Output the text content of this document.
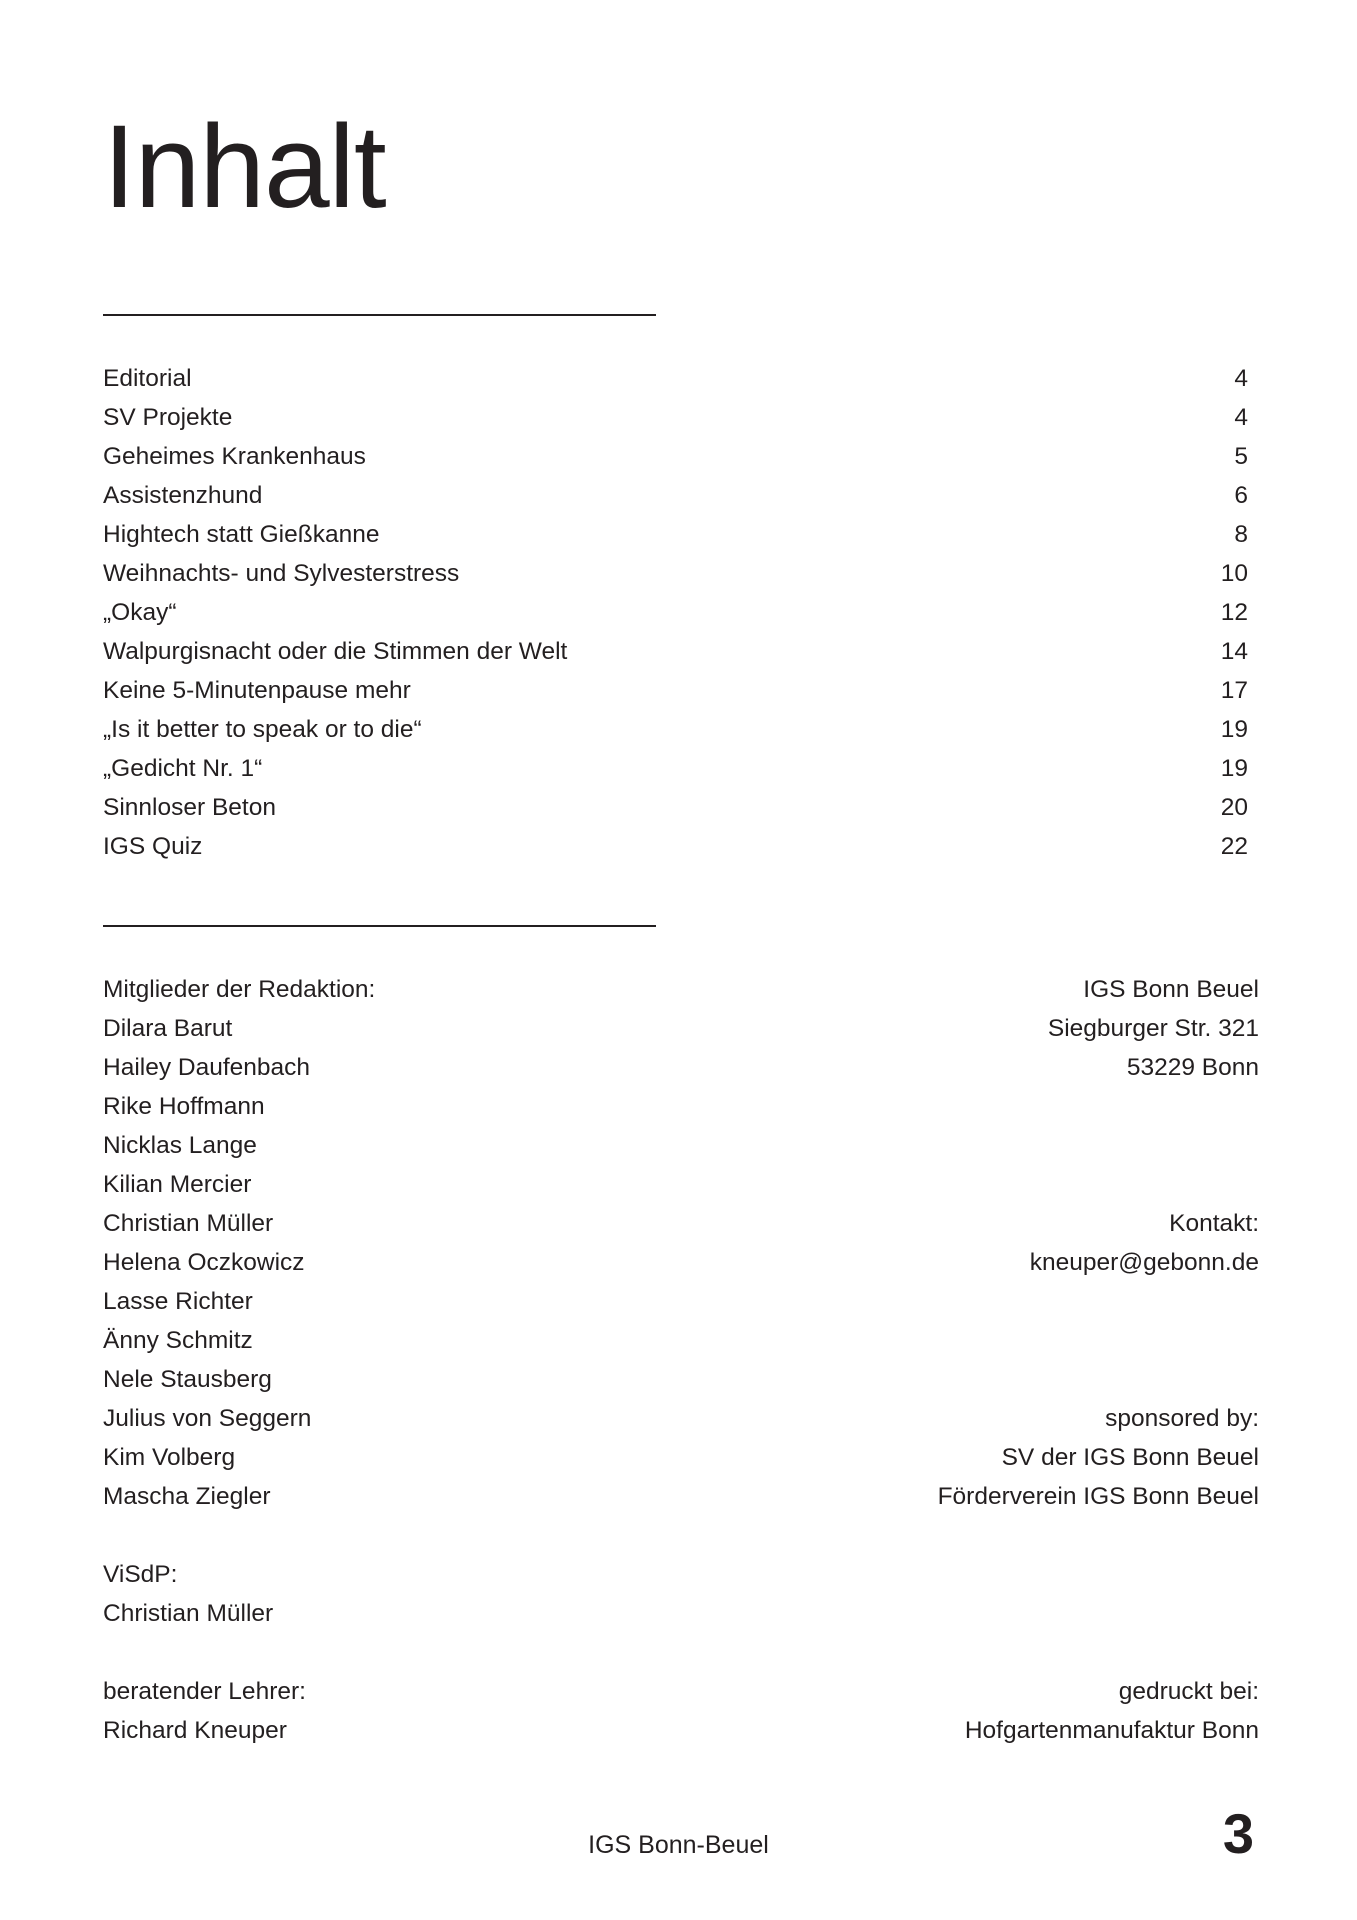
Inhalt
Editorial	4
SV Projekte	4
Geheimes Krankenhaus	5
Assistenzhund	6
Hightech statt Gießkanne	8
Weihnachts- und Sylvesterstress	10
„Okay“	12
Walpurgisnacht oder die Stimmen der Welt	14
Keine 5-Minutenpause mehr	17
„Is it better to speak or to die“	19
„Gedicht Nr. 1“	19
Sinnloser Beton	20
IGS Quiz	22
Mitglieder der Redaktion:
Dilara Barut
Hailey Daufenbach
Rike Hoffmann
Nicklas Lange
Kilian Mercier
Christian Müller
Helena Oczkowicz
Lasse Richter
Änny Schmitz
Nele Stausberg
Julius von Seggern
Kim Volberg
Mascha Ziegler
ViSdP:
Christian Müller
beratender Lehrer:
Richard Kneuper
IGS Bonn Beuel
Siegburger Str. 321
53229 Bonn
Kontakt:
kneuper@gebonn.de
sponsored by:
SV der IGS Bonn Beuel
Förderverein IGS Bonn Beuel
gedruckt bei:
Hofgartenmanufaktur Bonn
IGS Bonn-Beuel	3
